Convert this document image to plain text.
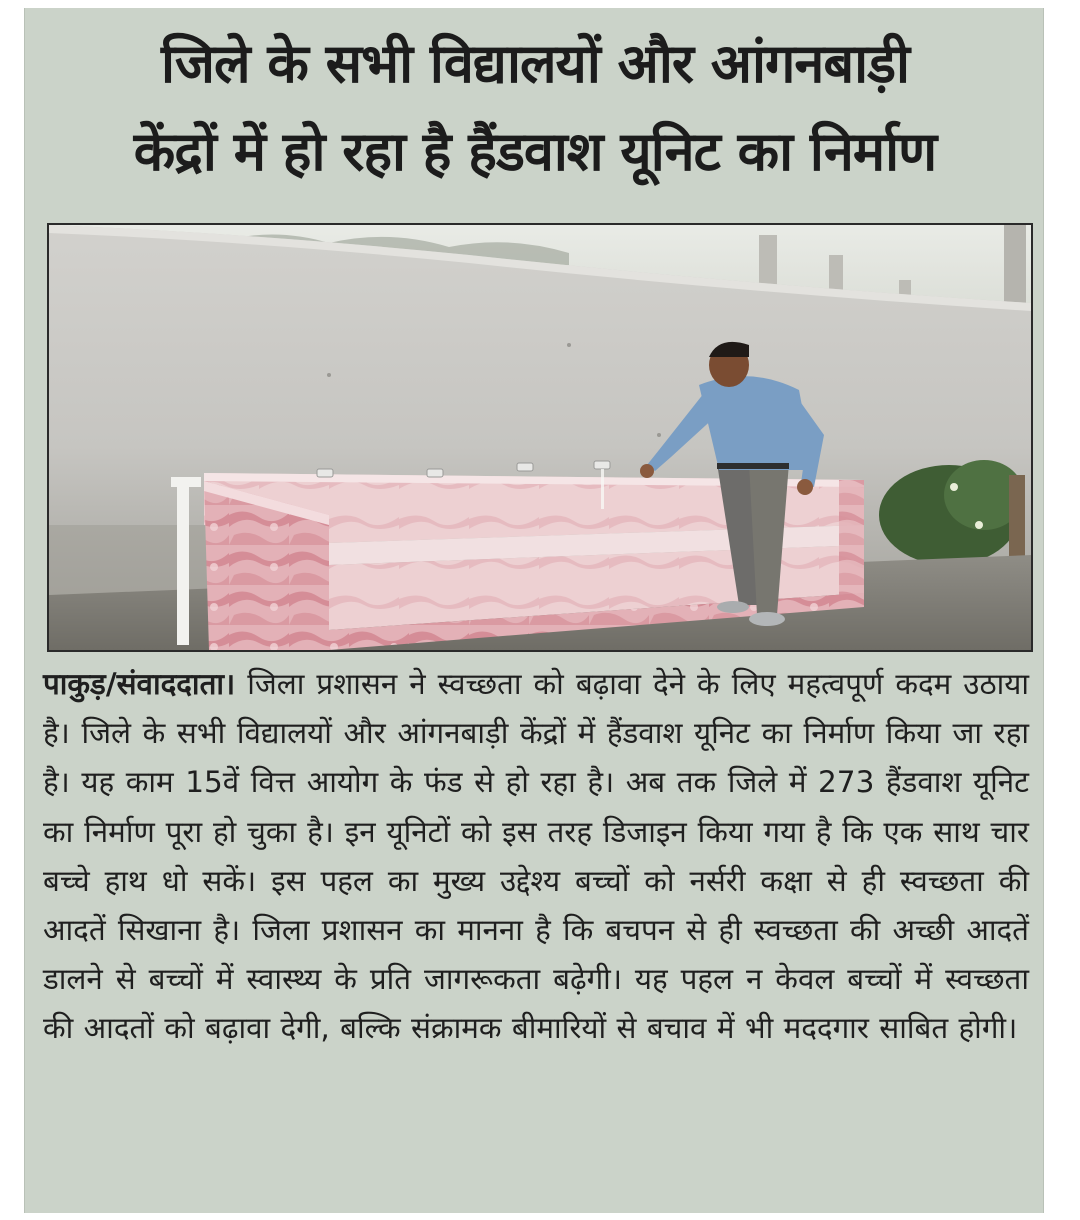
जिले के सभी विद्यालयों और आंगनबाड़ी
केंद्रों में हो रहा है हैंडवाश यूनिट का निर्माण

पाकुड़/संवाददाता। जिला प्रशासन ने स्वच्छता को बढ़ावा देने के लिए महत्वपूर्ण कदम उठाया है। जिले के सभी विद्यालयों और आंगनबाड़ी केंद्रों में हैंडवाश यूनिट का निर्माण किया जा रहा है। यह काम 15वें वित्त आयोग के फंड से हो रहा है। अब तक जिले में 273 हैंडवाश यूनिट का निर्माण पूरा हो चुका है। इन यूनिटों को इस तरह डिजाइन किया गया है कि एक साथ चार बच्चे हाथ धो सकें। इस पहल का मुख्य उद्देश्य बच्चों को नर्सरी कक्षा से ही स्वच्छता की आदतें सिखाना है। जिला प्रशासन का मानना है कि बचपन से ही स्वच्छता की अच्छी आदतें डालने से बच्चों में स्वास्थ्य के प्रति जागरूकता बढ़ेगी। यह पहल न केवल बच्चों में स्वच्छता की आदतों को बढ़ावा देगी, बल्कि संक्रामक बीमारियों से बचाव में भी मददगार साबित होगी।
